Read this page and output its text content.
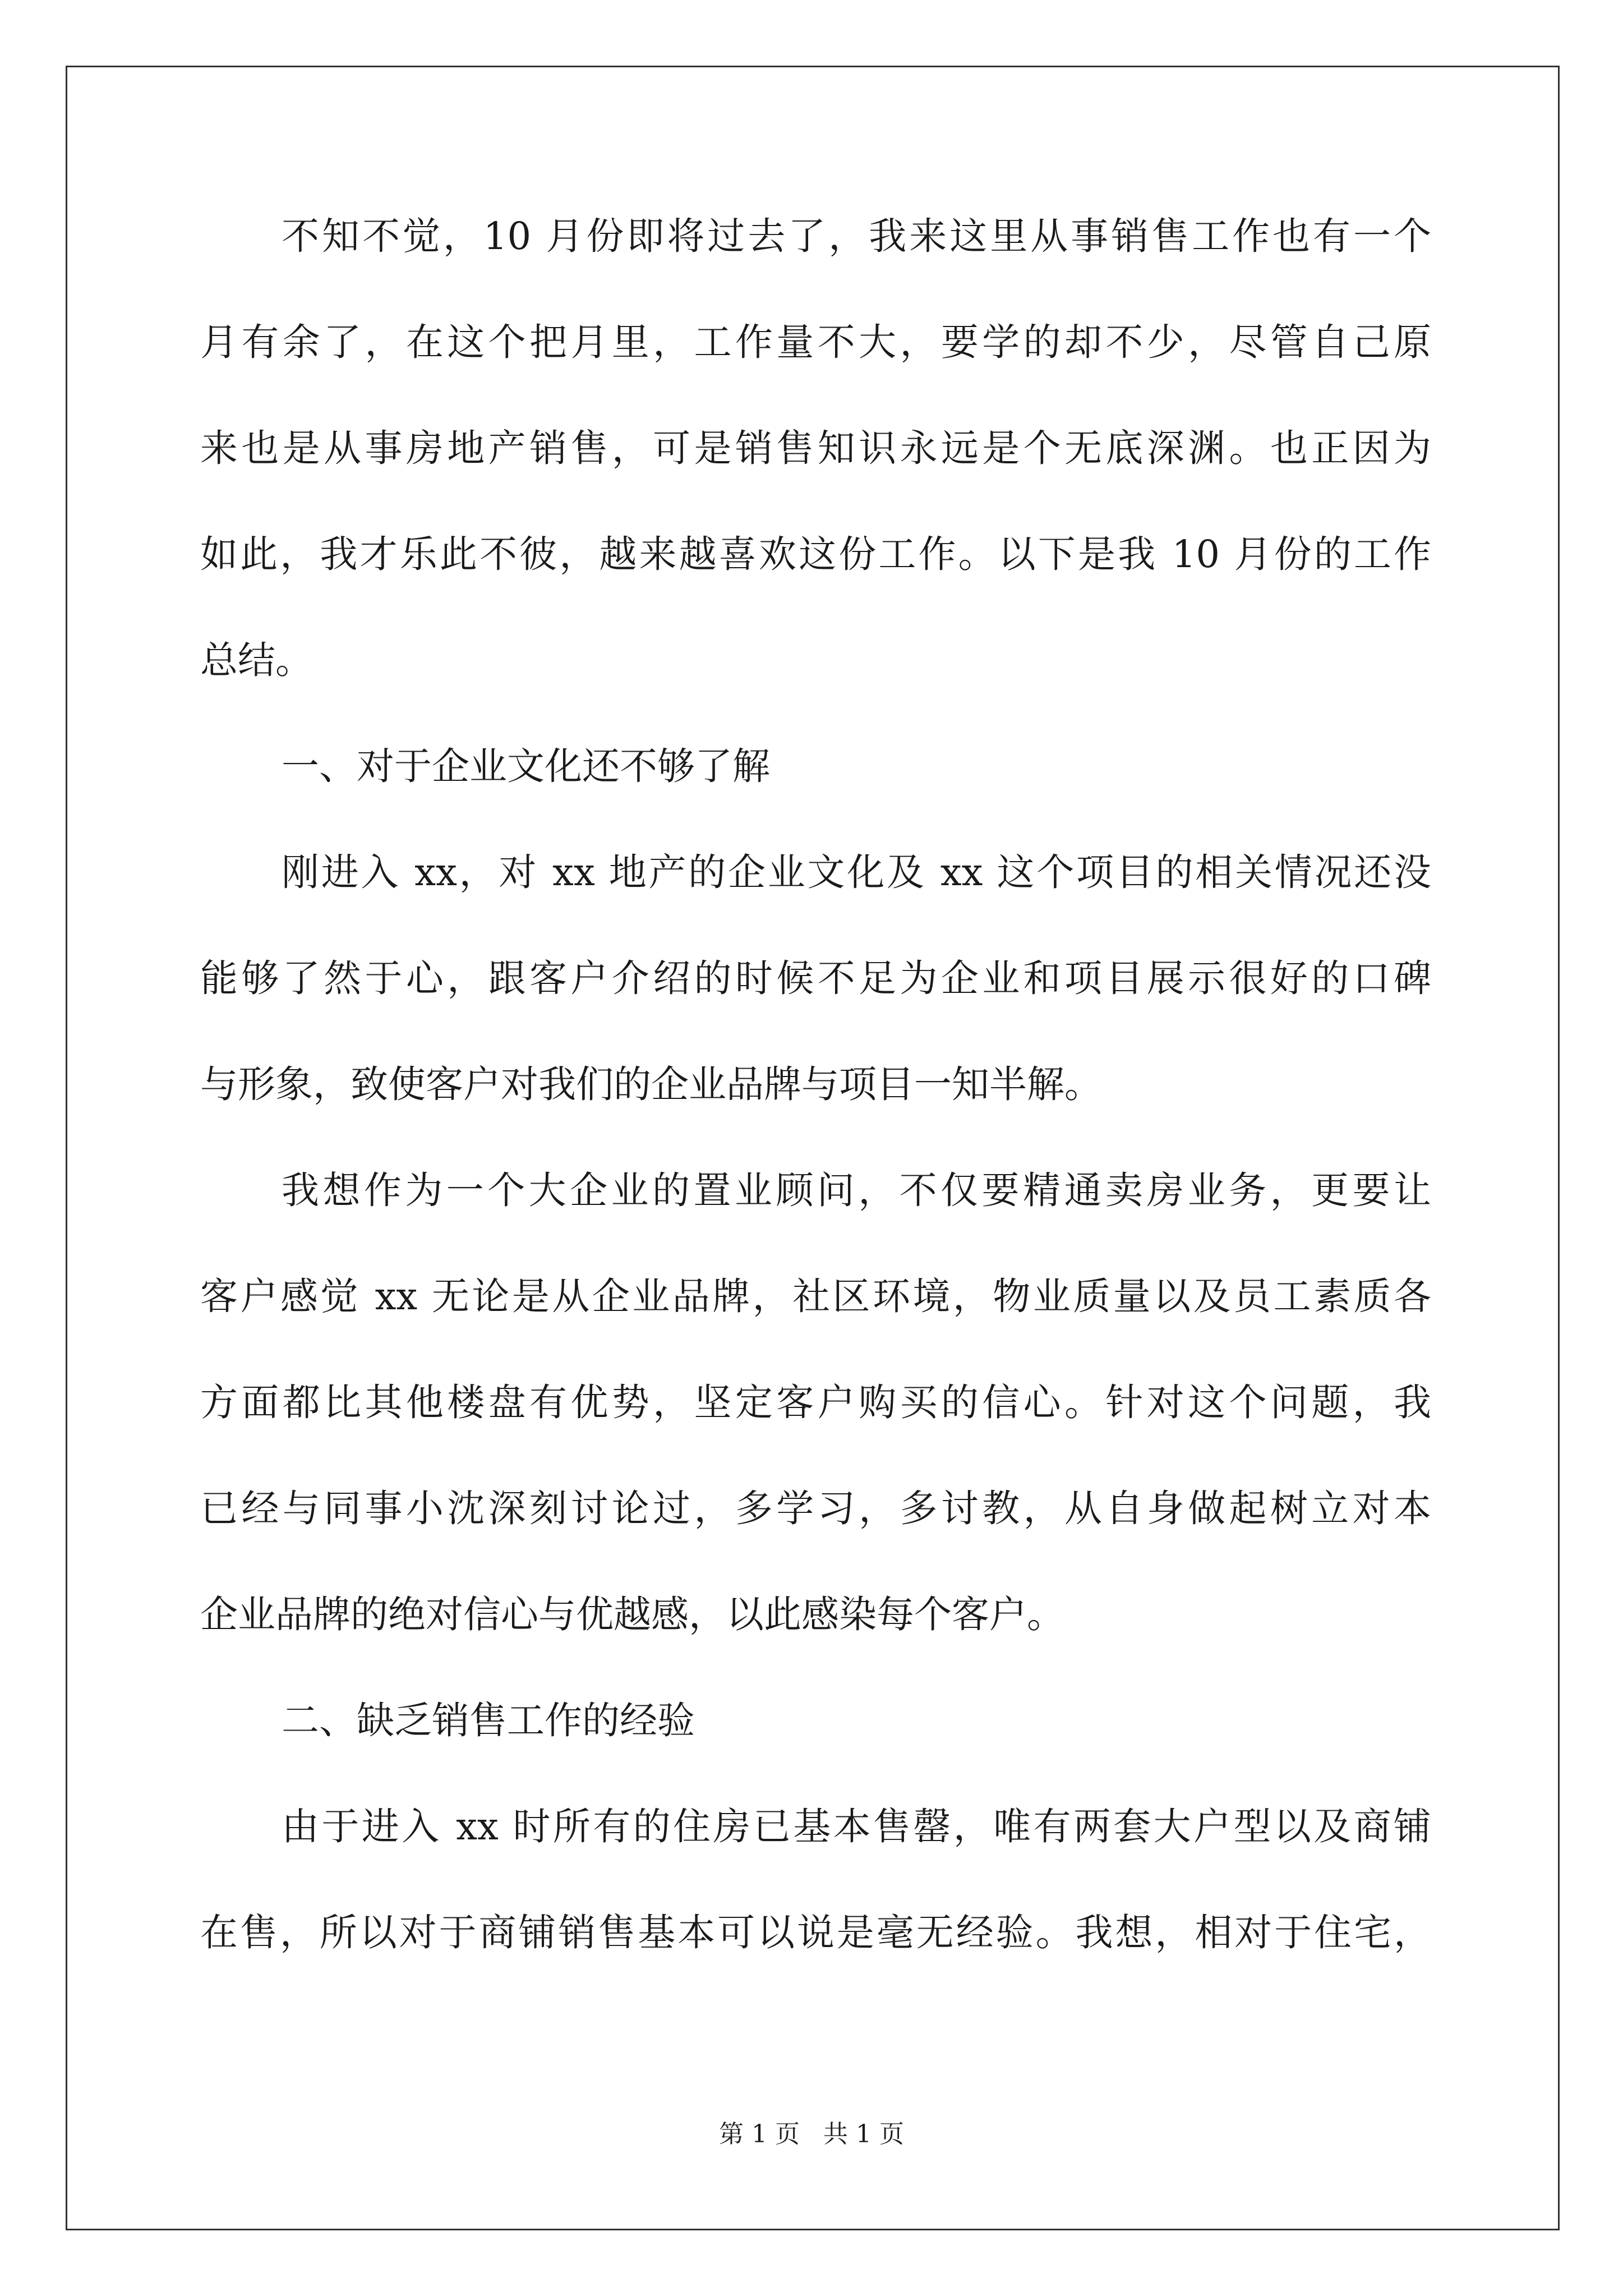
不知不觉，10 月份即将过去了，我来这里从事销售工作也有一个
月有余了，在这个把月里，工作量不大，要学的却不少，尽管自己原
来也是从事房地产销售，可是销售知识永远是个无底深渊。也正因为
如此，我才乐此不彼，越来越喜欢这份工作。以下是我 10 月份的工作
总结。
一、对于企业文化还不够了解
刚进入 xx，对 xx 地产的企业文化及 xx 这个项目的相关情况还没
能够了然于心，跟客户介绍的时候不足为企业和项目展示很好的口碑
与形象，致使客户对我们的企业品牌与项目一知半解。
我想作为一个大企业的置业顾问，不仅要精通卖房业务，更要让
客户感觉 xx 无论是从企业品牌，社区环境，物业质量以及员工素质各
方面都比其他楼盘有优势，坚定客户购买的信心。针对这个问题，我
已经与同事小沈深刻讨论过，多学习，多讨教，从自身做起树立对本
企业品牌的绝对信心与优越感，以此感染每个客户。
二、缺乏销售工作的经验
由于进入 xx 时所有的住房已基本售罄，唯有两套大户型以及商铺
在售，所以对于商铺销售基本可以说是毫无经验。我想，相对于住宅，
第 1 页   共 1 页
